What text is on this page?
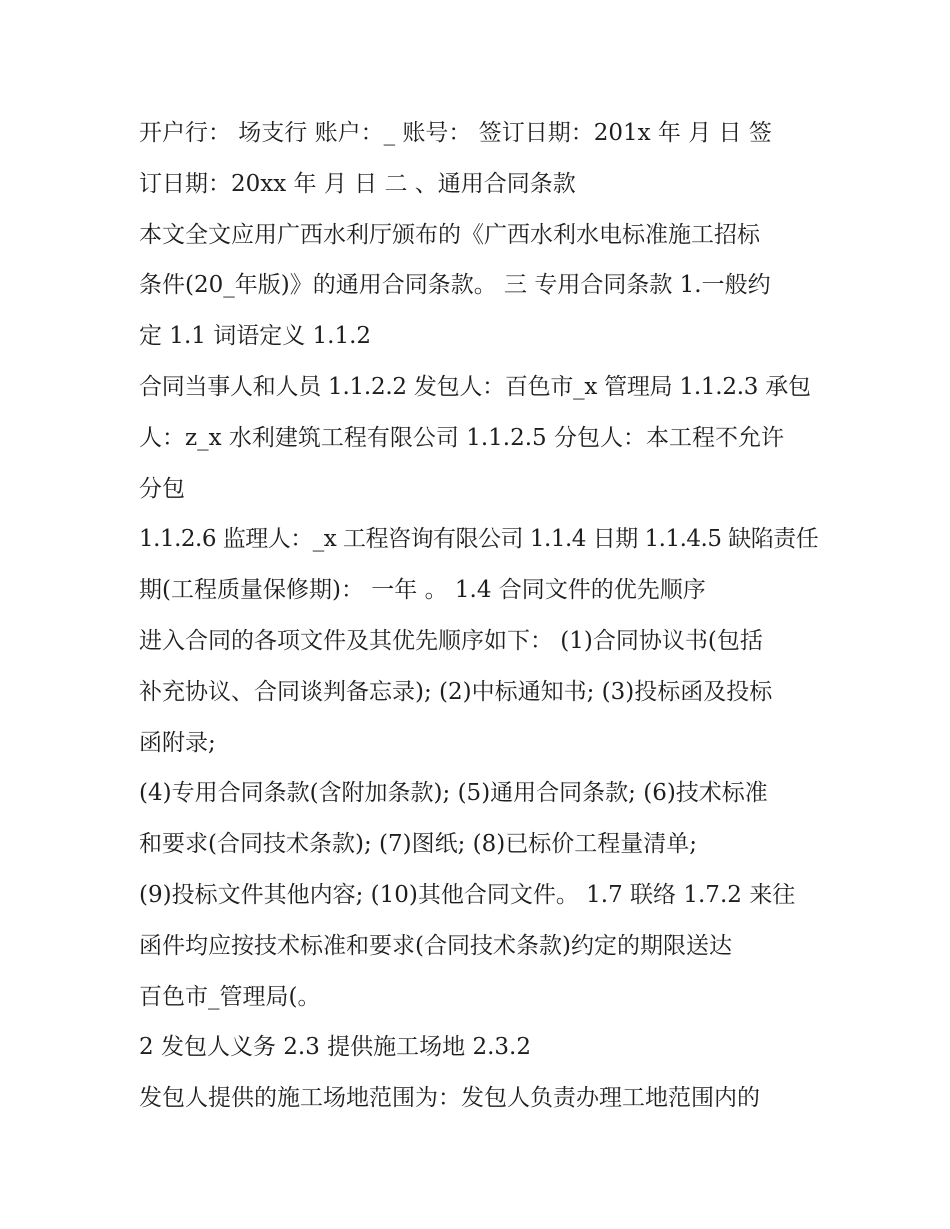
开户行： 场支行 账户：_ 账号： 签订日期：201x 年 月 日 签
订日期：20xx 年 月 日 二 、通用合同条款
本文全文应用广西水利厅颁布的《广西水利水电标准施工招标
条件(20_年版)》的通用合同条款。 三 专用合同条款 1.一般约
定 1.1 词语定义 1.1.2
合同当事人和人员 1.1.2.2 发包人：百色市_x 管理局 1.1.2.3 承包
人：z_x 水利建筑工程有限公司 1.1.2.5 分包人：本工程不允许
分包
1.1.2.6 监理人：_x 工程咨询有限公司 1.1.4 日期 1.1.4.5 缺陷责任
期(工程质量保修期)： 一年 。 1.4 合同文件的优先顺序
进入合同的各项文件及其优先顺序如下： (1)合同协议书(包括
补充协议、合同谈判备忘录); (2)中标通知书; (3)投标函及投标
函附录;
(4)专用合同条款(含附加条款); (5)通用合同条款; (6)技术标准
和要求(合同技术条款); (7)图纸; (8)已标价工程量清单;
(9)投标文件其他内容; (10)其他合同文件。 1.7 联络 1.7.2 来往
函件均应按技术标准和要求(合同技术条款)约定的期限送达
百色市_管理局(。
2 发包人义务 2.3 提供施工场地 2.3.2
发包人提供的施工场地范围为：发包人负责办理工地范围内的
